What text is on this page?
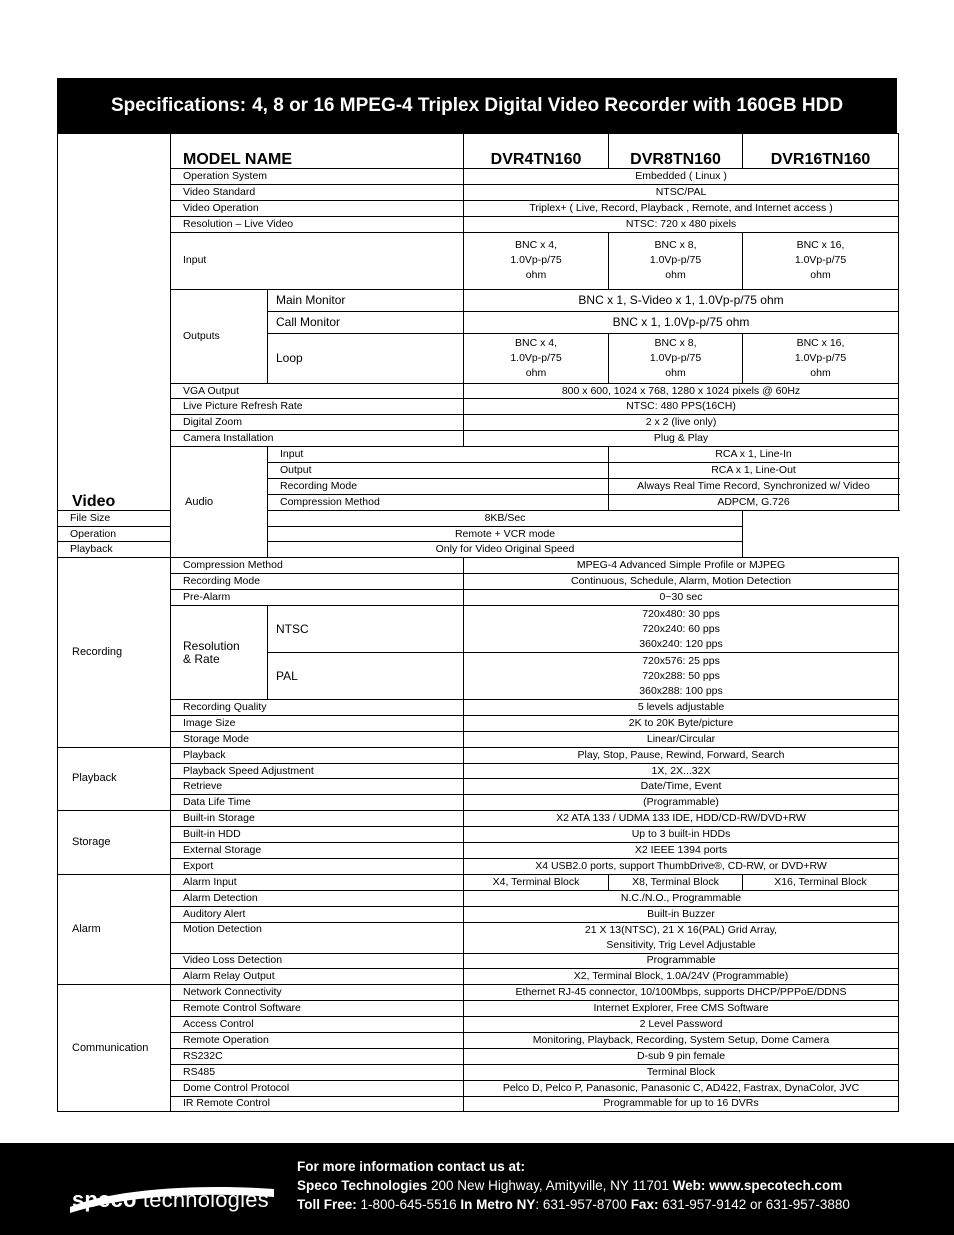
Specifications: 4, 8 or 16 MPEG-4 Triplex Digital Video Recorder with 160GB HDD
Video	MODEL NAME		DVR4TN160	DVR8TN160	DVR16TN160
	Operation System		Embedded ( Linux )		
	Video Standard		NTSC/PAL		
	Video Operation		Triplex+ ( Live, Record, Playback , Remote, and Internet access )		
	Resolution – Live Video		NTSC: 720 x 480 pixels		
	Input		BNC x 4,
1.0Vp-p/75
ohm	BNC x 8,
1.0Vp-p/75
ohm	BNC x 16,
1.0Vp-p/75
ohm

	Outputs	Main Monitor	BNC x 1, S-Video x 1, 1.0Vp-p/75 ohm		
		Call Monitor	BNC x 1, 1.0Vp-p/75 ohm		
		Loop	BNC x 4,
1.0Vp-p/75
ohm	BNC x 8,
1.0Vp-p/75
ohm	BNC x 16,
1.0Vp-p/75
ohm

	VGA Output		800 x 600, 1024 x 768, 1280 x 1024 pixels @ 60Hz		
	Live Picture Refresh Rate		NTSC: 480 PPS(16CH)		
	Digital Zoom		2 x 2 (live only)		
	Camera Installation		Plug & Play		
	Audio	Input		RCA x 1, Line-In	
		Output		RCA x 1, Line-Out	
		Recording Mode		Always Real Time Record, Synchronized w/ Video	
		Compression Method		ADPCM, G.726	
File Size		8KB/Sec			
Operation		Remote + VCR mode			
Playback		Only for Video Original Speed			
Recording	Compression Method		MPEG-4 Advanced Simple Profile or MJPEG		
	Recording Mode		Continuous, Schedule, Alarm, Motion Detection		
	Pre-Alarm		0~30 sec		

	Resolution
& Rate	NTSC	720x480: 30 pps
720x240: 60 pps
360x240: 120 pps		

		PAL	720x576: 25 pps
720x288: 50 pps
360x288: 100 pps		

	Recording Quality		5 levels adjustable		
	Image Size		2K to 20K Byte/picture		
	Storage Mode		Linear/Circular		
Playback	Playback		Play, Stop, Pause, Rewind, Forward, Search		
	Playback Speed Adjustment		1X, 2X...32X		
	Retrieve		Date/Time, Event		
	Data Life Time		(Programmable)		
Storage	Built-in Storage		X2 ATA 133 / UDMA 133 IDE, HDD/CD-RW/DVD+RW		
	Built-in HDD		Up to 3 built-in HDDs		
	External Storage		X2 IEEE 1394 ports		
	Export		X4 USB2.0 ports, support ThumbDrive®, CD-RW, or DVD+RW		
Alarm	Alarm Input		X4, Terminal Block	X8, Terminal Block	X16, Terminal Block
	Alarm Detection		N.C./N.O., Programmable		
	Auditory Alert		Built-in Buzzer		
	Motion Detection		21 X 13(NTSC), 21 X 16(PAL) Grid Array,
Sensitivity, Trig Level Adjustable		

	Video Loss Detection		Programmable		
	Alarm Relay Output		X2, Terminal Block, 1.0A/24V (Programmable)		
Communication	Network Connectivity		Ethernet RJ-45 connector, 10/100Mbps, supports DHCP/PPPoE/DDNS		
	Remote Control Software		Internet Explorer, Free CMS Software		
	Access Control		2 Level Password		
	Remote Operation		Monitoring, Playback, Recording, System Setup, Dome Camera		
	RS232C		D-sub 9 pin female		
	RS485		Terminal Block		
	Dome Control Protocol		Pelco D, Pelco P, Panasonic, Panasonic C, AD422, Fastrax, DynaColor, JVC		
	IR Remote Control		Programmable for up to 16 DVRs		
speco technologies
For more information contact us at:
Speco Technologies 200 New Highway, Amityville, NY 11701 Web: www.specotech.com
Toll Free: 1-800-645-5516 In Metro NY: 631-957-8700 Fax: 631-957-9142 or 631-957-3880
